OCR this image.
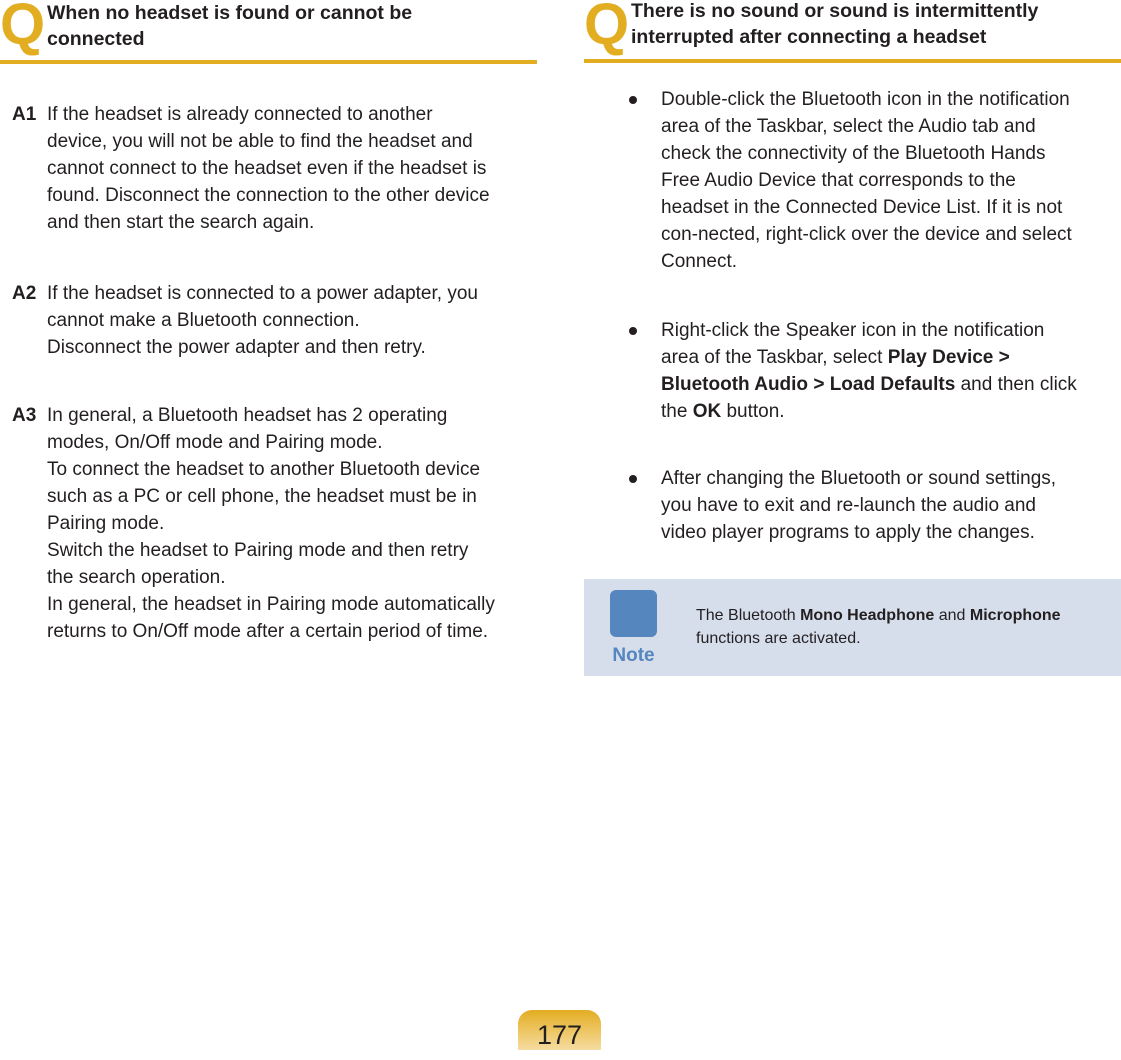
Q When no headset is found or cannot be
connected
A1 If the headset is already connected to another
device, you will not be able to find the headset and
cannot connect to the headset even if the headset is
found. Disconnect the connection to the other device
and then start the search again.
A2 If the headset is connected to a power adapter, you
cannot make a Bluetooth connection.
Disconnect the power adapter and then retry.
A3 In general, a Bluetooth headset has 2 operating
modes, On/Off mode and Pairing mode.
To connect the headset to another Bluetooth device
such as a PC or cell phone, the headset must be in
Pairing mode.
Switch the headset to Pairing mode and then retry
the search operation.
In general, the headset in Pairing mode automatically
returns to On/Off mode after a certain period of time.
Q There is no sound or sound is intermittently
interrupted after connecting a headset
Double-click the Bluetooth icon in the notification
area of the Taskbar, select the Audio tab and
check the connectivity of the Bluetooth Hands
Free Audio Device that corresponds to the
headset in the Connected Device List. If it is not
con-nected, right-click over the device and select
Connect.
Right-click the Speaker icon in the notification
area of the Taskbar, select Play Device >
Bluetooth Audio > Load Defaults and then click
the OK button.
After changing the Bluetooth or sound settings,
you have to exit and re-launch the audio and
video player programs to apply the changes.
Note
The Bluetooth Mono Headphone and Microphone
functions are activated.
177
